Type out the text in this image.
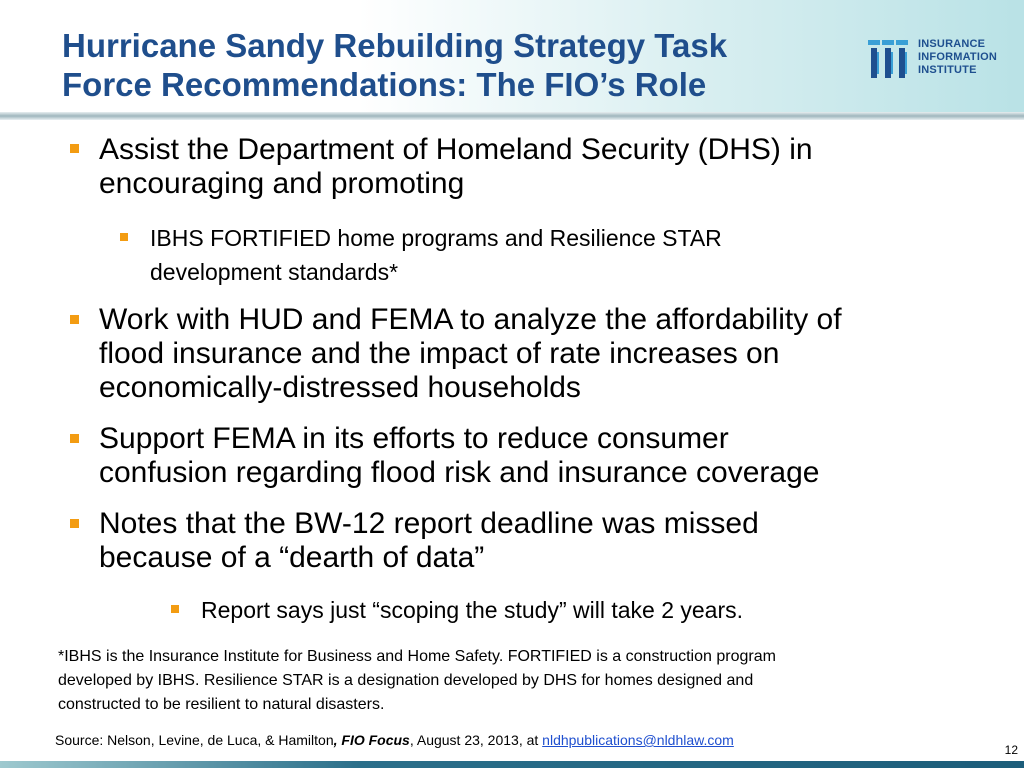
Hurricane Sandy Rebuilding Strategy Task
Force Recommendations: The FIO’s Role
INSURANCE
INFORMATION
INSTITUTE
Assist the Department of Homeland Security (DHS) in
encouraging and promoting
IBHS FORTIFIED home programs and Resilience STAR
development standards*
Work with HUD and FEMA to analyze the affordability of
flood insurance and the impact of rate increases on
economically-distressed households
Support FEMA in its efforts to reduce consumer
confusion regarding flood risk and insurance coverage
Notes that the BW-12 report deadline was missed
because of a “dearth of data”
Report says just “scoping the study” will take 2 years.
*IBHS is the Insurance Institute for Business and Home Safety. FORTIFIED is a construction program
developed by IBHS. Resilience STAR is a designation developed by DHS for homes designed and
constructed to be resilient to natural disasters.
Source: Nelson, Levine, de Luca, & Hamilton, FIO Focus, August 23, 2013, at nldhpublications@nldhlaw.com
12
